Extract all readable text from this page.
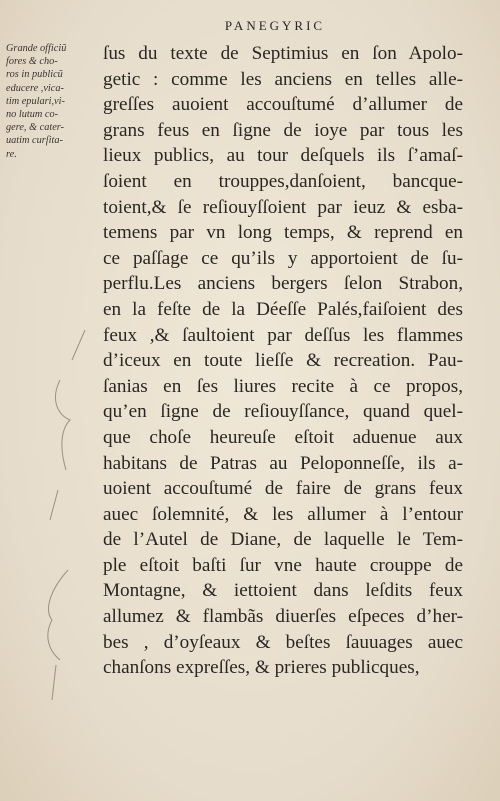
PANEGYRIC
Grande officiũ
fores & cho-
ros in publicũ
educere ,vica-
tim epulari,vi-
no lutum co-
gere, & cater-
uatim curſita-
re.
ſus du texte de Septimius en ſon Apolo-
getic : comme les anciens en telles alle-
greſſes auoient accouſtumé d’allumer de
grans feus en ſigne de ioye par tous les
lieux publics, au tour deſquels ils ſ’amaſ-
ſoient en trouppes,danſoient, bancque-
toient,& ſe reſiouyſſoient par ieuz & esba-
temens par vn long temps, & reprend en
ce paſſage ce qu’ils y apportoient de ſu-
perflu.Les anciens bergers ſelon Strabon,
en la feſte de la Déeſſe Palés,faiſoient des
feux ,& ſaultoient par deſſus les flammes
d’iceux en toute lieſſe & recreation. Pau-
ſanias en ſes liures recite à ce propos,
qu’en ſigne de reſiouyſſance, quand quel-
que choſe heureuſe eſtoit aduenue aux
habitans de Patras au Peloponneſſe, ils a-
uoient accouſtumé de faire de grans feux
auec ſolemnité, & les allumer à l’entour
de l’Autel de Diane, de laquelle le Tem-
ple eſtoit baſti ſur vne haute crouppe de
Montagne, & iettoient dans leſdits feux
allumez & flambãs diuerſes eſpeces d’her-
bes , d’oyſeaux & beſtes ſauuages auec
chanſons expreſſes, & prieres publicques,
